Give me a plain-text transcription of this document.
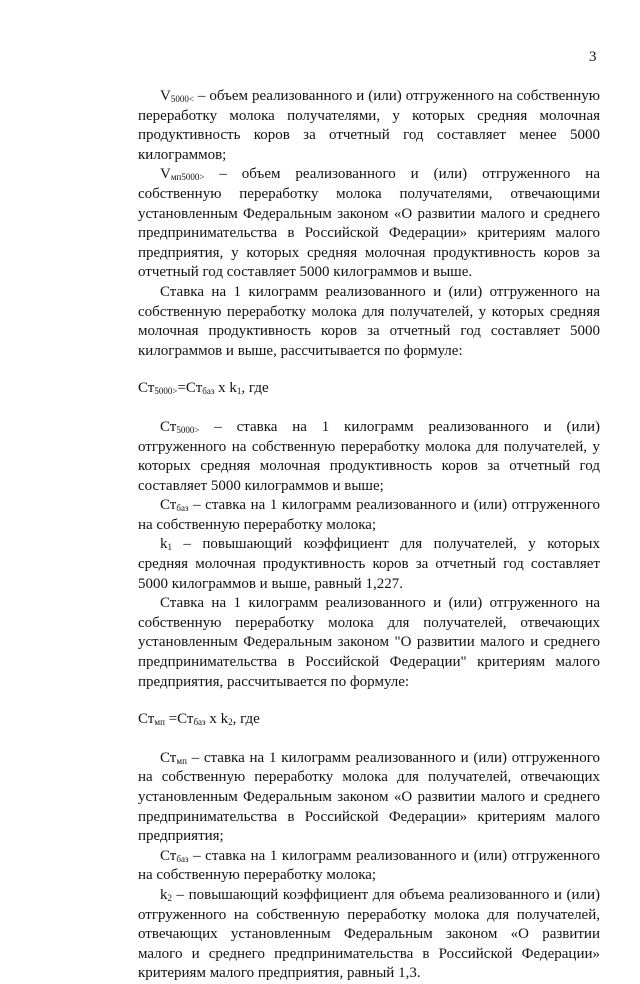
3

$V_{5000<}$ – объем реализованного и (или) отгруженного на собственную переработку молока получателями, у которых средняя молочная продуктивность коров за отчетный год составляет менее 5000 килограммов;

$V_{мп5000>}$ – объем реализованного и (или) отгруженного на собственную переработку молока получателями, отвечающими установленным Федеральным законом «О развитии малого и среднего предпринимательства в Российской Федерации» критериям малого предприятия, у которых средняя молочная продуктивность коров за отчетный год составляет 5000 килограммов и выше.

Ставка на 1 килограмм реализованного и (или) отгруженного на собственную переработку молока для получателей, у которых средняя молочная продуктивность коров за отчетный год составляет 5000 килограммов и выше, рассчитывается по формуле:

$Ст_{5000>}=Ст_{баз}$ x $k_1$, где

$Ст_{5000>}$ – ставка на 1 килограмм реализованного и (или) отгруженного на собственную переработку молока для получателей, у которых средняя молочная продуктивность коров за отчетный год составляет 5000 килограммов и выше;

$Ст_{баз}$ – ставка на 1 килограмм реализованного и (или) отгруженного на собственную переработку молока;

$k_1$ – повышающий коэффициент для получателей, у которых средняя молочная продуктивность коров за отчетный год составляет 5000 килограммов и выше, равный 1,227.

Ставка на 1 килограмм реализованного и (или) отгруженного на собственную переработку молока для получателей, отвечающих установленным Федеральным законом "О развитии малого и среднего предпринимательства в Российской Федерации" критериям малого предприятия, рассчитывается по формуле:

$Ст_{мп} =Ст_{баз}$ x $k_2$, где

$Ст_{мп}$ – ставка на 1 килограмм реализованного и (или) отгруженного на собственную переработку молока для получателей, отвечающих установленным Федеральным законом «О развитии малого и среднего предпринимательства в Российской Федерации» критериям малого предприятия;

$Ст_{баз}$ – ставка на 1 килограмм реализованного и (или) отгруженного на собственную переработку молока;

$k_2$ – повышающий коэффициент для объема реализованного и (или) отгруженного на собственную переработку молока для получателей, отвечающих установленным Федеральным законом «О развитии малого и среднего предпринимательства в Российской Федерации» критериям малого предприятия, равный 1,3.
